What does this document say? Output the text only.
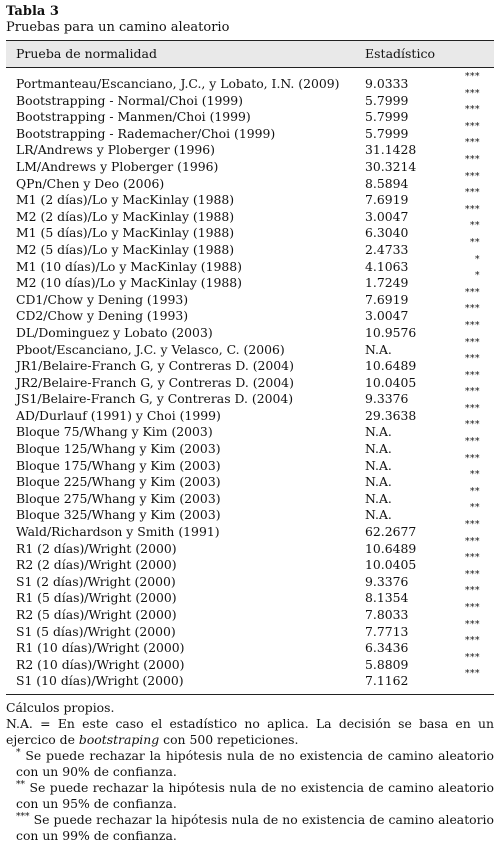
Tabla 3
Pruebas para un camino aleatorio
Prueba de normalidad	Estadístico
Portmanteau/Escanciano, J.C., y Lobato, I.N. (2009) 9.0333	***
Bootstrapping - Normal/Choi (1999)	5.7999	***
Bootstrapping - Manmen/Choi (1999)	5.7999	***
Bootstrapping - Rademacher/Choi (1999)	5.7999	***
LR/Andrews y Ploberger (1996)	31.1428	***
LM/Andrews y Ploberger (1996)	30.3214	***
QPn/Chen y Deo (2006)	8.5894	***
M1 (2 días)/Lo y MacKinlay (1988)	7.6919	***
M2 (2 días)/Lo y MacKinlay (1988)	3.0047	***
M1 (5 días)/Lo y MacKinlay (1988)	6.3040	**
M2 (5 días)/Lo y MacKinlay (1988)	2.4733	**
M1 (10 días)/Lo y MacKinlay (1988)	4.1063	*
M2 (10 días)/Lo y MacKinlay (1988)	1.7249	*
CD1/Chow y Dening (1993)	7.6919	***
CD2/Chow y Dening (1993)	3.0047	***
DL/Dominguez y Lobato (2003)	10.9576	***
Pboot/Escanciano, J.C. y Velasco, C. (2006)	N.A.	***
JR1/Belaire-Franch G, y Contreras D. (2004)	10.6489	***
JR2/Belaire-Franch G, y Contreras D. (2004)	10.0405	***
JS1/Belaire-Franch G, y Contreras D. (2004)	9.3376	***
AD/Durlauf (1991) y Choi (1999)	29.3638	***
Bloque 75/Whang y Kim (2003)	N.A.	***
Bloque 125/Whang y Kim (2003)	N.A.	***
Bloque 175/Whang y Kim (2003)	N.A.	***
Bloque 225/Whang y Kim (2003)	N.A.	**
Bloque 275/Whang y Kim (2003)	N.A.	**
Bloque 325/Whang y Kim (2003)	N.A.	**
Wald/Richardson y Smith (1991)	62.2677	***
R1 (2 días)/Wright (2000)	10.6489	***
R2 (2 días)/Wright (2000)	10.0405	***
S1 (2 días)/Wright (2000)	9.3376	***
R1 (5 días)/Wright (2000)	8.1354	***
R2 (5 días)/Wright (2000)	7.8033	***
S1 (5 días)/Wright (2000)	7.7713	***
R1 (10 días)/Wright (2000)	6.3436	***
R2 (10 días)/Wright (2000)	5.8809	***
S1 (10 días)/Wright (2000)	7.1162	***
Cálculos propios.
N.A. = En este caso el estadístico no aplica. La decisión se basa en un ejercico de bootstraping con 500 repeticiones.
* Se puede rechazar la hipótesis nula de no existencia de camino aleatorio con un 90% de confianza.
** Se puede rechazar la hipótesis nula de no existencia de camino aleatorio con un 95% de confianza.
*** Se puede rechazar la hipótesis nula de no existencia de camino aleatorio con un 99% de confianza.
